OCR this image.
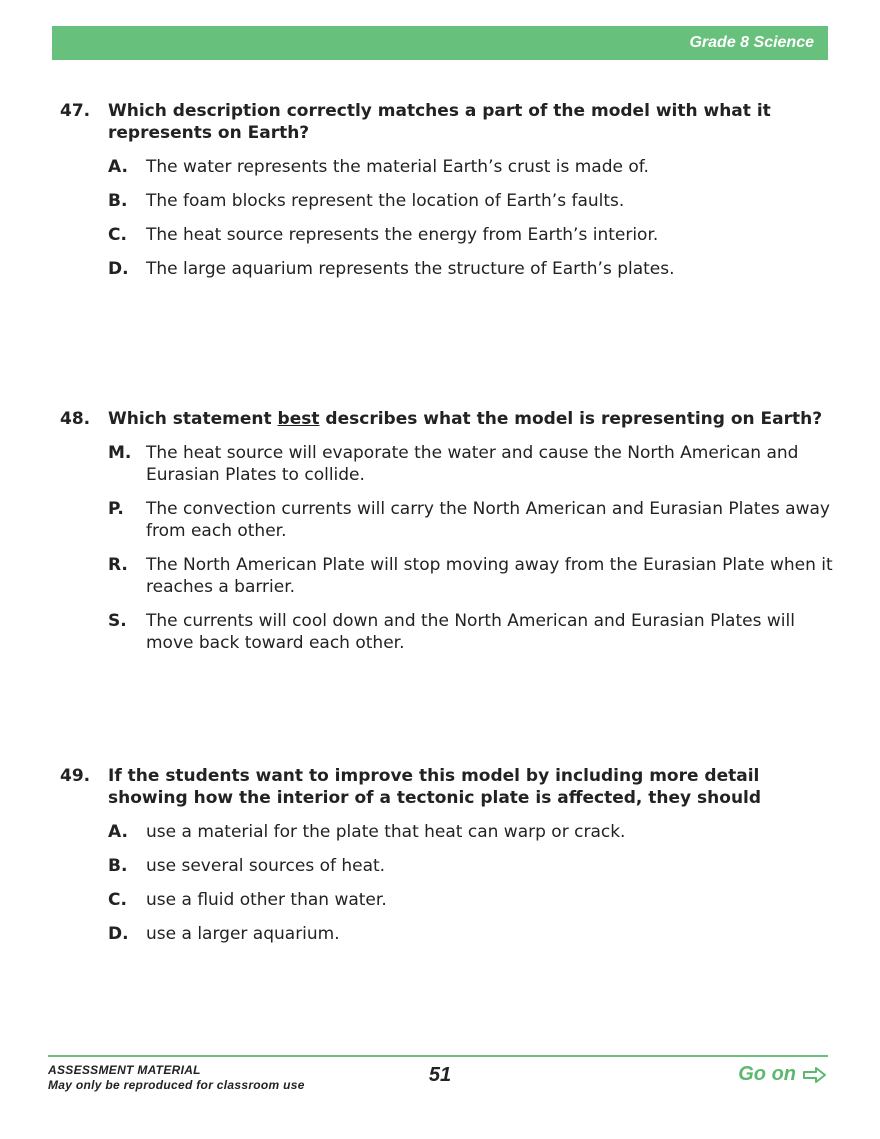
Grade 8 Science
47.	Which description correctly matches a part of the model with what it represents on Earth?
A.	The water represents the material Earth’s crust is made of.
B.	The foam blocks represent the location of Earth’s faults.
C.	The heat source represents the energy from Earth’s interior.
D.	The large aquarium represents the structure of Earth’s plates.
48.	Which statement best describes what the model is representing on Earth?
M. The heat source will evaporate the water and cause the North American and Eurasian Plates to collide.
P.	The convection currents will carry the North American and Eurasian Plates away from each other.
R.	The North American Plate will stop moving away from the Eurasian Plate when it reaches a barrier.
S.	The currents will cool down and the North American and Eurasian Plates will move back toward each other.
49.	If the students want to improve this model by including more detail showing how the interior of a tectonic plate is affected, they should
A.	use a material for the plate that heat can warp or crack.
B.	use several sources of heat.
C.	use a fluid other than water.
D.	use a larger aquarium.
ASSESSMENT MATERIAL
May only be reproduced for classroom use	51	Go on
